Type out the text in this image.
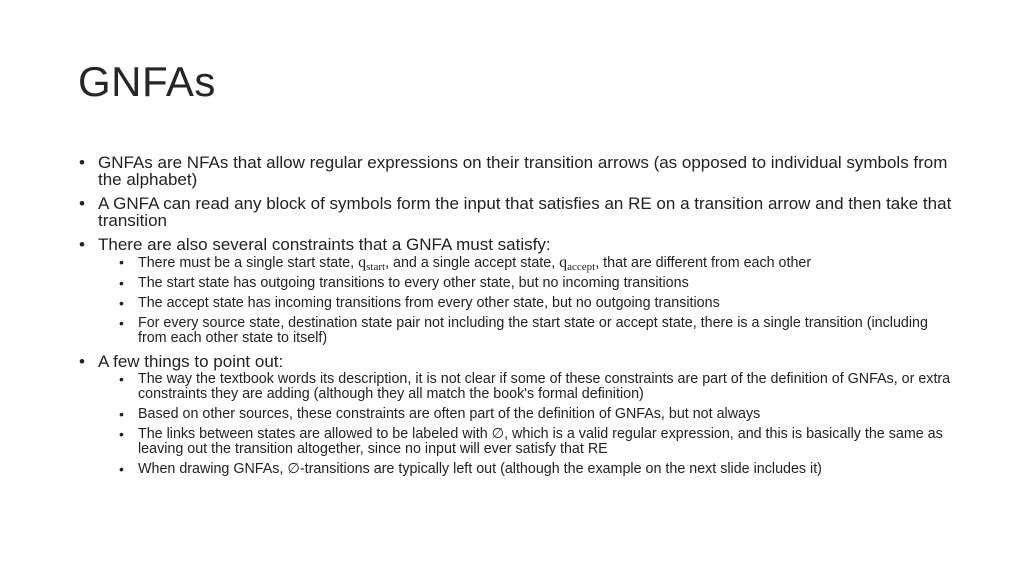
GNFAs
• GNFAs are NFAs that allow regular expressions on their transition arrows (as opposed to individual symbols from the alphabet)
• A GNFA can read any block of symbols form the input that satisfies an RE on a transition arrow and then take that transition
• There are also several constraints that a GNFA must satisfy:
• There must be a single start state, $q_{start}$, and a single accept state, $q_{accept}$, that are different from each other
• The start state has outgoing transitions to every other state, but no incoming transitions
• The accept state has incoming transitions from every other state, but no outgoing transitions
• For every source state, destination state pair not including the start state or accept state, there is a single transition (including from each other state to itself)
• A few things to point out:
• The way the textbook words its description, it is not clear if some of these constraints are part of the definition of GNFAs, or extra constraints they are adding (although they all match the book's formal definition)
• Based on other sources, these constraints are often part of the definition of GNFAs, but not always
• The links between states are allowed to be labeled with ∅, which is a valid regular expression, and this is basically the same as leaving out the transition altogether, since no input will ever satisfy that RE
• When drawing GNFAs, ∅-transitions are typically left out (although the example on the next slide includes it)
